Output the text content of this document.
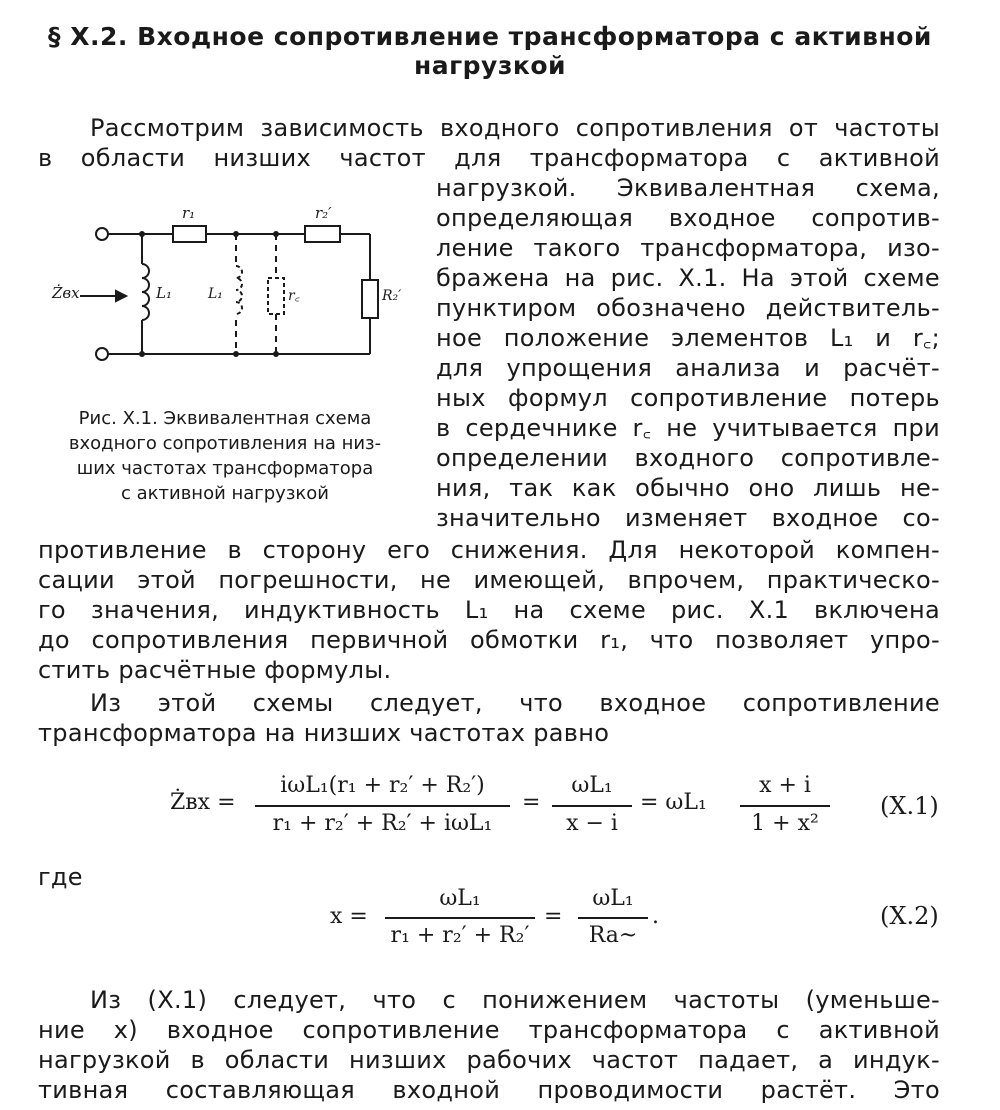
§ X.2. Входное сопротивление трансформатора с активной
нагрузкой
Рассмотрим зависимость входного сопротивления от частоты
в области низших частот для трансформатора с активной
нагрузкой. Эквивалентная схема,
определяющая входное сопротив-
ление такого трансформатора, изо-
бражена на рис. X.1. На этой схеме
пунктиром обозначено действитель-
ное положение элементов L₁ и r꜀;
для упрощения анализа и расчёт-
ных формул сопротивление потерь
в сердечнике r꜀ не учитывается при
определении входного сопротивле-
ния, так как обычно оно лишь не-
значительно изменяет входное со-
противление в сторону его снижения. Для некоторой компен-
сации этой погрешности, не имеющей, впрочем, практическо-
го значения, индуктивность L₁ на схеме рис. X.1 включена
до сопротивления первичной обмотки r₁, что позволяет упро-
стить расчётные формулы.
Żвх
r₁	r₂′
L₁	L₁	r꜀	R₂′
Рис. X.1. Эквивалентная схема
входного сопротивления на низ-
ших частотах трансформатора
с активной нагрузкой
Из этой схемы следует, что входное сопротивление
трансформатора на низших частотах равно
Żвх =
iωL₁(r₁ + r₂′ + R₂′)
r₁ + r₂′ + R₂′ + iωL₁
=
ωL₁
x − i
= ωL₁
x + i
1 + x²
(X.1)
где
x =
ωL₁
r₁ + r₂′ + R₂′
=
ωL₁
Ra~
.	(X.2)
Из (X.1) следует, что с понижением частоты (уменьше-
ние x) входное сопротивление трансформатора с активной
нагрузкой в области низших рабочих частот падает, а индук-
тивная составляющая входной проводимости растёт. Это
